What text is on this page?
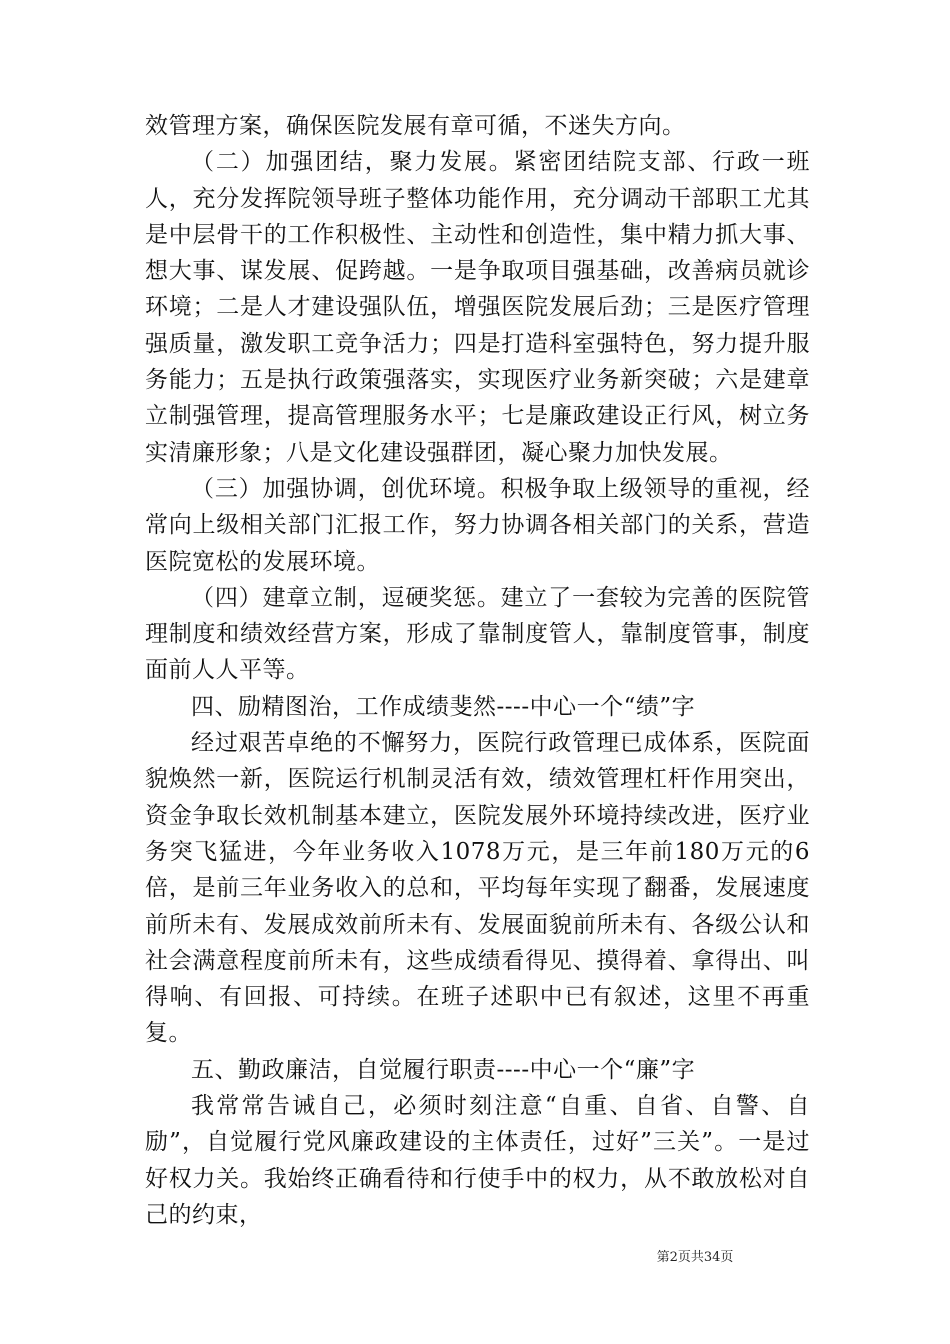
效管理方案，确保医院发展有章可循，不迷失方向。

（二）加强团结，聚力发展。紧密团结院支部、行政一班人，充分发挥院领导班子整体功能作用，充分调动干部职工尤其是中层骨干的工作积极性、主动性和创造性，集中精力抓大事、想大事、谋发展、促跨越。一是争取项目强基础，改善病员就诊环境；二是人才建设强队伍，增强医院发展后劲；三是医疗管理强质量，激发职工竞争活力；四是打造科室强特色，努力提升服务能力；五是执行政策强落实，实现医疗业务新突破；六是建章立制强管理，提高管理服务水平；七是廉政建设正行风，树立务实清廉形象；八是文化建设强群团，凝心聚力加快发展。

（三）加强协调，创优环境。积极争取上级领导的重视，经常向上级相关部门汇报工作，努力协调各相关部门的关系，营造医院宽松的发展环境。

（四）建章立制，逗硬奖惩。建立了一套较为完善的医院管理制度和绩效经营方案，形成了靠制度管人，靠制度管事，制度面前人人平等。

四、励精图治，工作成绩斐然----中心一个“绩”字

经过艰苦卓绝的不懈努力，医院行政管理已成体系，医院面貌焕然一新，医院运行机制灵活有效，绩效管理杠杆作用突出，资金争取长效机制基本建立，医院发展外环境持续改进，医疗业务突飞猛进，今年业务收入1078万元，是三年前180万元的6倍，是前三年业务收入的总和，平均每年实现了翻番，发展速度前所未有、发展成效前所未有、发展面貌前所未有、各级公认和社会满意程度前所未有，这些成绩看得见、摸得着、拿得出、叫得响、有回报、可持续。在班子述职中已有叙述，这里不再重复。

五、勤政廉洁，自觉履行职责----中心一个“廉”字

我常常告诫自己，必须时刻注意“自重、自省、自警、自励”，自觉履行党风廉政建设的主体责任，过好”三关”。一是过好权力关。我始终正确看待和行使手中的权力，从不敢放松对自己的约束，

第2页共34页
